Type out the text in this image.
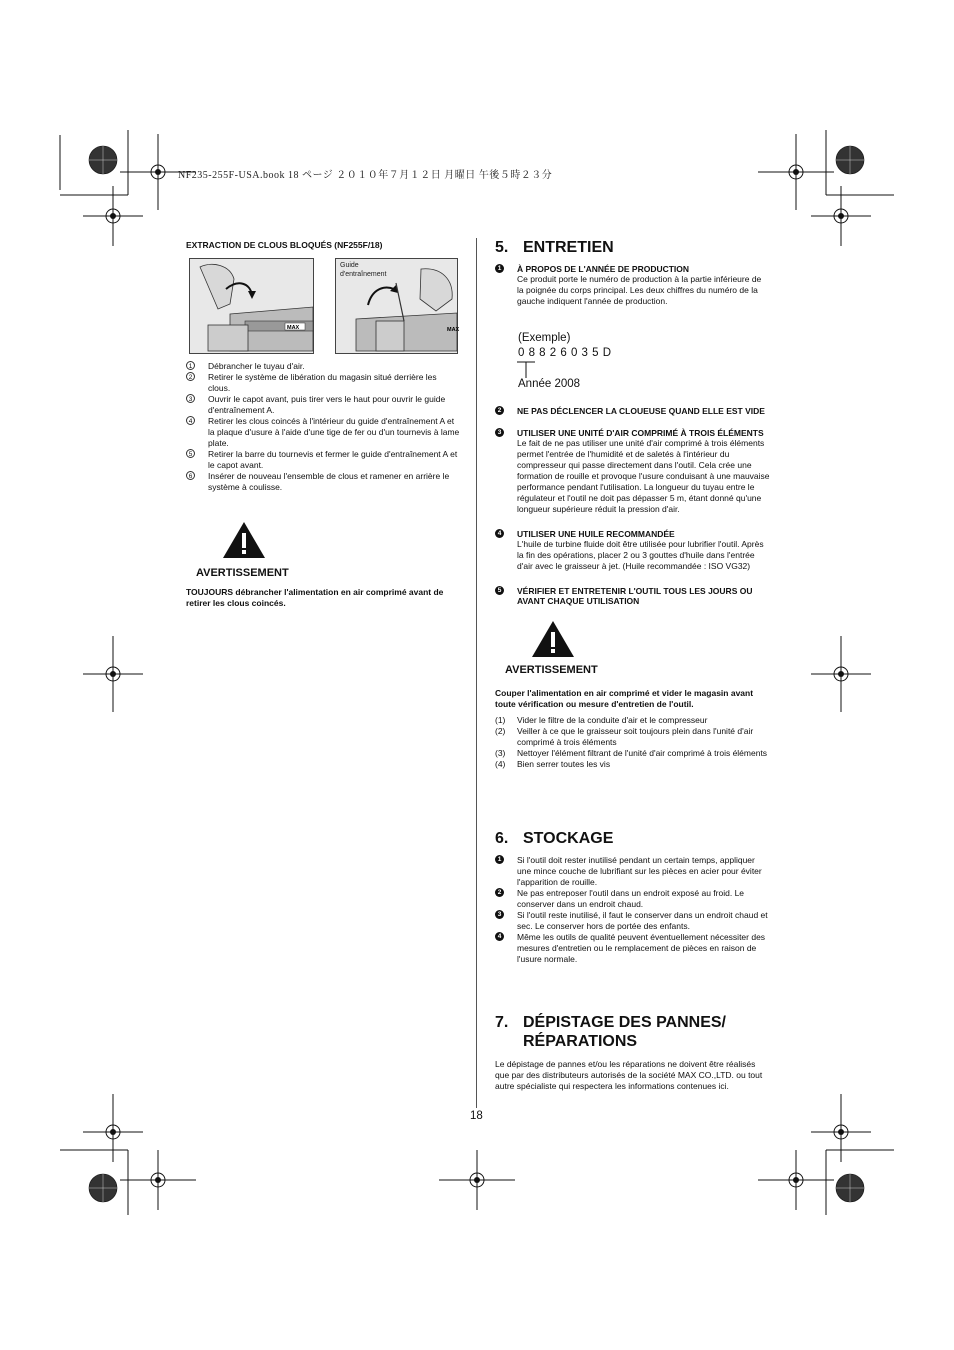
NF235-255F-USA.book 18 ページ ２０１０年７月１２日 月曜日 午後５時２３分
EXTRACTION DE CLOUS BLOQUÉS (NF255F/18)
MAX	MAX
Guide d'entraînement
1	Débrancher le tuyau d'air.
2	Retirer le système de libération du magasin situé derrière les clous.
3	Ouvrir le capot avant, puis tirer vers le haut pour ouvrir le guide d'entraînement A.
4	Retirer les clous coincés à l'intérieur du guide d'entraînement A et la plaque d'usure à l'aide d'une tige de fer ou d'un tournevis à lame plate.
5	Retirer la barre du tournevis et fermer le guide d'entraînement A et le capot avant.
6	Insérer de nouveau l'ensemble de clous et ramener en arrière le système à coulisse.
AVERTISSEMENT
TOUJOURS débrancher l'alimentation en air comprimé avant de retirer les clous coincés.
5. ENTRETIEN
1	À PROPOS DE L'ANNÉE DE PRODUCTION
Ce produit porte le numéro de production à la partie inférieure de la poignée du corps principal. Les deux chiffres du numéro de la gauche indiquent l'année de production.
(Exemple)
0 8 8 2 6 0 3 5 D
Année 2008
2	NE PAS DÉCLENCER LA CLOUEUSE QUAND ELLE EST VIDE
3	UTILISER UNE UNITÉ D'AIR COMPRIMÉ À TROIS ÉLÉMENTS
Le fait de ne pas utiliser une unité d'air comprimé à trois éléments permet l'entrée de l'humidité et de saletés à l'intérieur du compresseur qui passe directement dans l'outil. Cela crée une formation de rouille et provoque l'usure conduisant à une mauvaise performance pendant l'utilisation. La longueur du tuyau entre le régulateur et l'outil ne doit pas dépasser 5 m, étant donné qu'une longueur supérieure réduit la pression d'air.
4	UTILISER UNE HUILE RECOMMANDÉE
L'huile de turbine fluide doit être utilisée pour lubrifier l'outil. Après la fin des opérations, placer 2 ou 3 gouttes d'huile dans l'entrée d'air avec le graisseur à jet. (Huile recommandée : ISO VG32)
5	VÉRIFIER ET ENTRETENIR L'OUTIL TOUS LES JOURS OU AVANT CHAQUE UTILISATION
AVERTISSEMENT
Couper l'alimentation en air comprimé et vider le magasin avant toute vérification ou mesure d'entretien de l'outil.
(1) Vider le filtre de la conduite d'air et le compresseur
(2) Veiller à ce que le graisseur soit toujours plein dans l'unité d'air comprimé à trois éléments
(3) Nettoyer l'élément filtrant de l'unité d'air comprimé à trois éléments
(4) Bien serrer toutes les vis
6. STOCKAGE
1	Si l'outil doit rester inutilisé pendant un certain temps, appliquer une mince couche de lubrifiant sur les pièces en acier pour éviter l'apparition de rouille.
2	Ne pas entreposer l'outil dans un endroit exposé au froid. Le conserver dans un endroit chaud.
3	Si l'outil reste inutilisé, il faut le conserver dans un endroit chaud et sec. Le conserver hors de portée des enfants.
4	Même les outils de qualité peuvent éventuellement nécessiter des mesures d'entretien ou le remplacement de pièces en raison de l'usure normale.
7. DÉPISTAGE DES PANNES/
RÉPARATIONS
Le dépistage de pannes et/ou les réparations ne doivent être réalisés que par des distributeurs autorisés de la société MAX CO.,LTD. ou tout autre spécialiste qui respectera les informations contenues ici.
18
